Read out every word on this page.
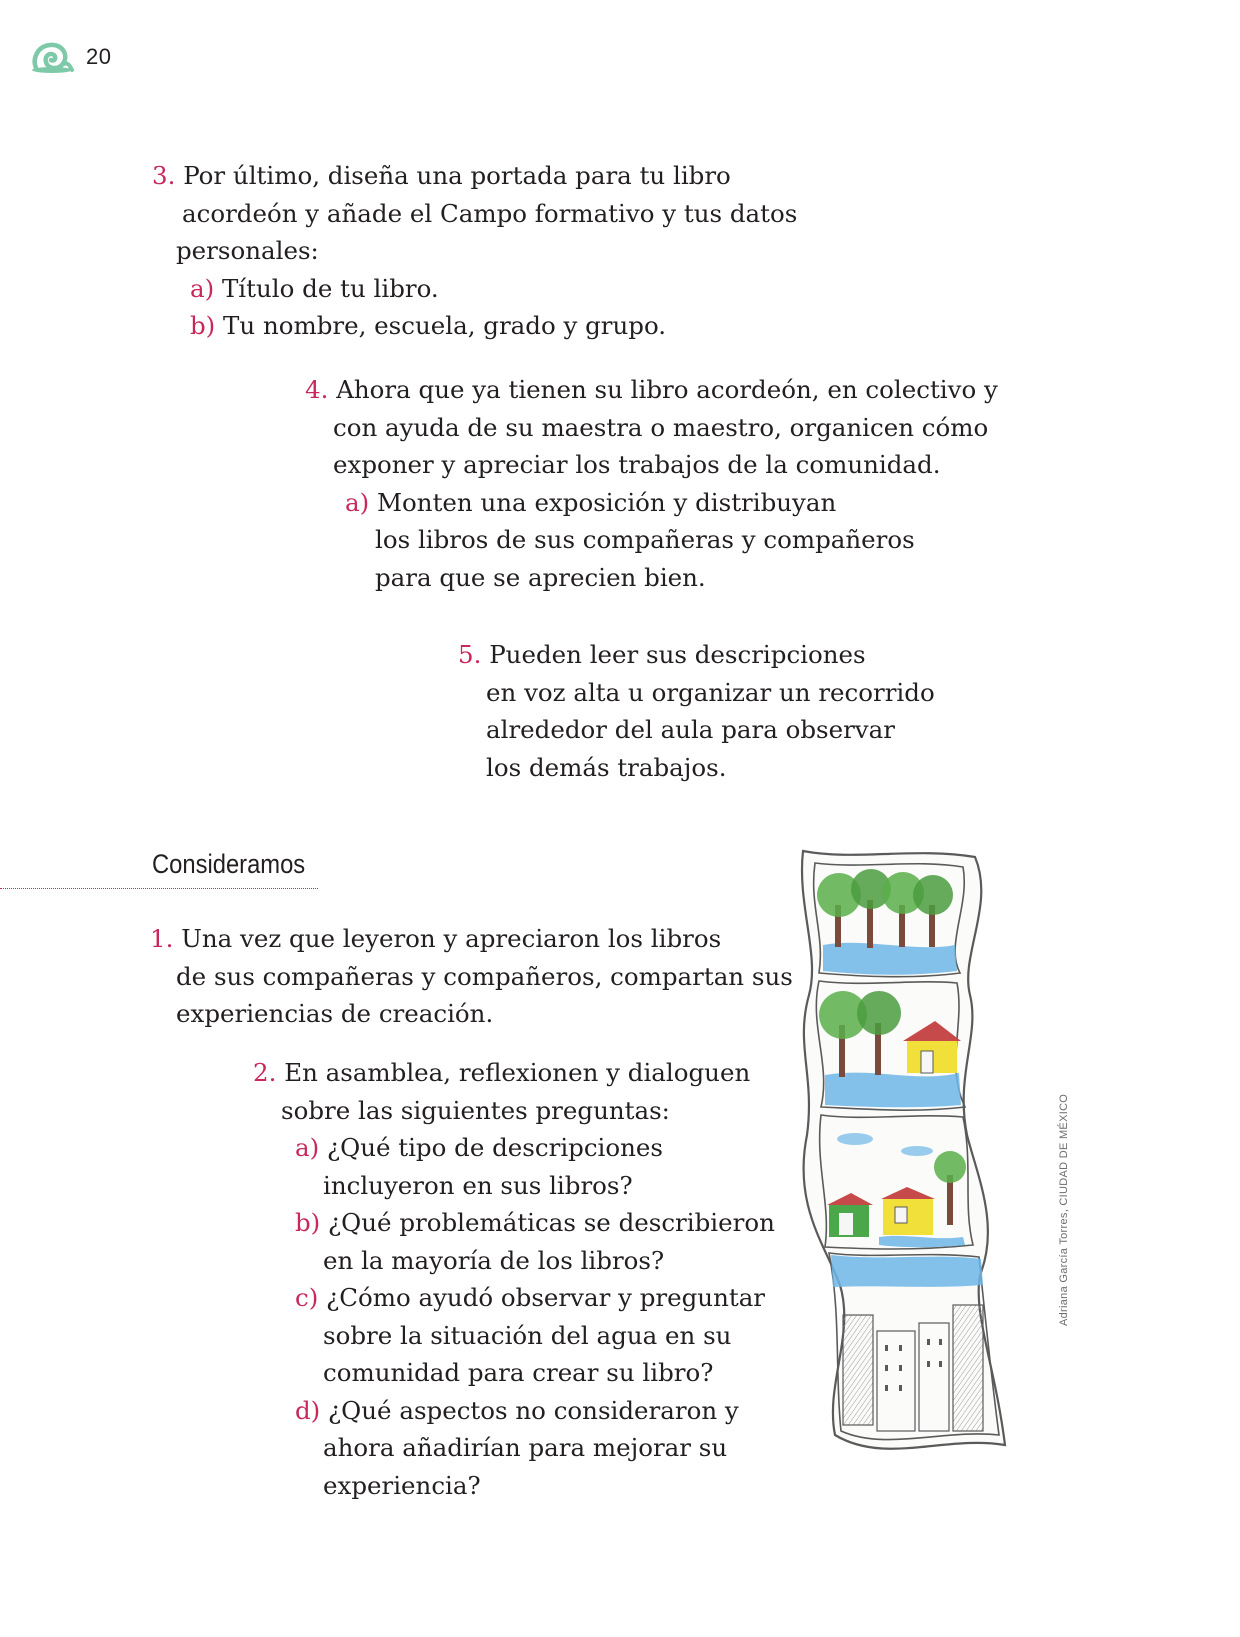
20
3. Por último, diseña una portada para tu libro
acordeón y añade el Campo formativo y tus datos
personales:
a) Título de tu libro.
b) Tu nombre, escuela, grado y grupo.
4. Ahora que ya tienen su libro acordeón, en colectivo y
con ayuda de su maestra o maestro, organicen cómo
exponer y apreciar los trabajos de la comunidad.
a) Monten una exposición y distribuyan
los libros de sus compañeras y compañeros
para que se aprecien bien.
5. Pueden leer sus descripciones
en voz alta u organizar un recorrido
alrededor del aula para observar
los demás trabajos.
Consideramos
1. Una vez que leyeron y apreciaron los libros
de sus compañeras y compañeros, compartan sus
experiencias de creación.
2. En asamblea, reflexionen y dialoguen
sobre las siguientes preguntas:
a) ¿Qué tipo de descripciones
incluyeron en sus libros?
b) ¿Qué problemáticas se describieron
en la mayoría de los libros?
c) ¿Cómo ayudó observar y preguntar
sobre la situación del agua en su
comunidad para crear su libro?
d) ¿Qué aspectos no consideraron y
ahora añadirían para mejorar su
experiencia?
Adriana García Torres, CIUDAD DE MÉXICO
